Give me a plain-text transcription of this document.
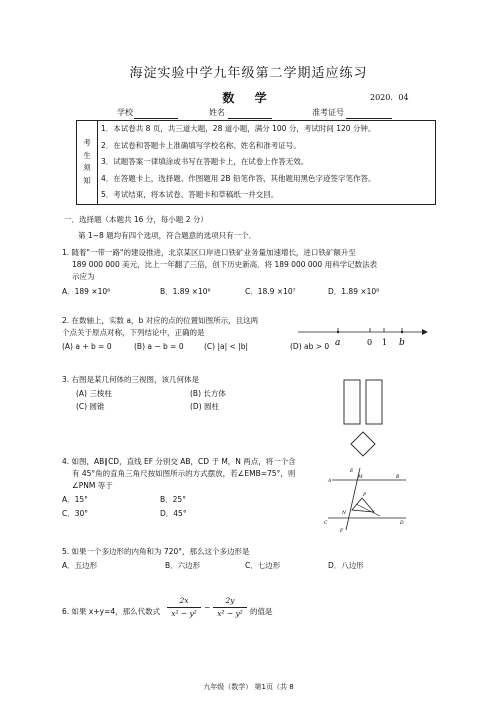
海淀实验中学九年级第二学期适应练习
数 学	2020．04
学校	姓名	准考证号
考
生
须
知	1．本试卷共 8 页，共三道大题，28 道小题，满分 100 分，考试时间 120 分钟。
2．在试卷和答题卡上准确填写学校名称、姓名和准考证号。
3．试题答案一律填涂或书写在答题卡上，在试卷上作答无效。
4．在答题卡上，选择题、作图题用 2B 铅笔作答，其他题用黑色字迹签字笔作答。
5．考试结束，将本试卷、答题卡和草稿纸一并交回。
一．选择题（本题共 16 分，每小题 2 分）
第 1~8 题均有四个选项，符合题意的选项只有一个．
1. 随着"一带一路"的建设推进，北京某区口岸进口铁矿业务量加速增长，进口铁矿额升至
189 000 000 美元，比上一年翻了三倍，创下历史新高．将 189 000 000 用科学记数法表
示应为
A．189 ×10⁶	B．1.89 ×10⁶	C．18.9 ×10⁷	D．1.89 ×10⁸
2. 在数轴上，实数 a，b 对应的点的位置如图所示，且这两
个点关于原点对称，下列结论中，正确的是
(A) a + b = 0	(B) a − b = 0	(C) |a| < |b|	(D) ab > 0 a	0 1 b
3. 右图是某几何体的三视图，该几何体是
(A) 三棱柱	(B) 长方体
(C) 圆锥	(D) 圆柱
4. 如图，AB∥CD，直线 EF 分别交 AB，CD 于 M，N 两点，将一个含
有 45°角的直角三角尺按如图所示的方式摆放，若∠EMB=75°，则
∠PNM 等于
A．15°	B．25°
C．30°	D．45°
E
A
M	B
P
N
C	D
F
5. 如果一个多边形的内角和为 720°，那么这个多边形是
A．五边形	B．六边形	C．七边形	D．八边形
6. 如果 x+y=4，那么代数式
2x
x² − y²
−
2y
x² − y² 的值是
九年级（数学） 第1页（共 8
